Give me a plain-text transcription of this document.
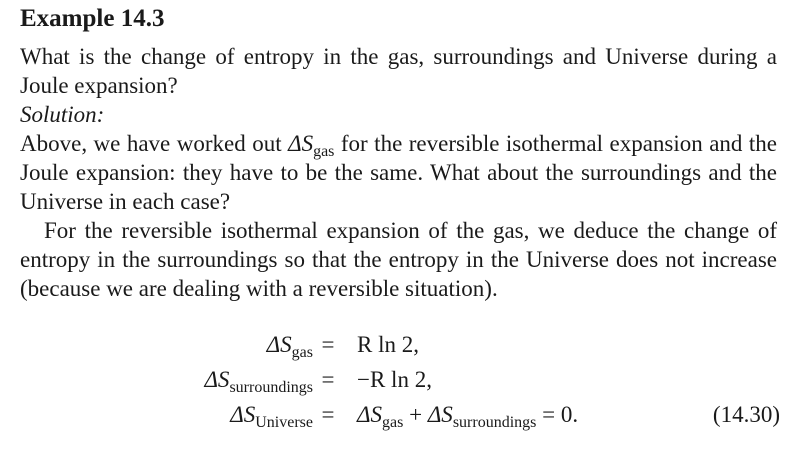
Example 14.3
What is the change of entropy in the gas, surroundings and Universe during a Joule expansion?
Solution:
Above, we have worked out $\Delta S_{gas}$ for the reversible isothermal expansion and the Joule expansion: they have to be the same. What about the surroundings and the Universe in each case?
For the reversible isothermal expansion of the gas, we deduce the change of entropy in the surroundings so that the entropy in the Universe does not increase (because we are dealing with a reversible situation).
$\Delta S_{gas} = R$ ln 2,
$\Delta S_{surroundings} = -R$ ln 2,
$\Delta S_{Universe} = \Delta S_{gas} + \Delta S_{surroundings} = 0$.	(14.30)
